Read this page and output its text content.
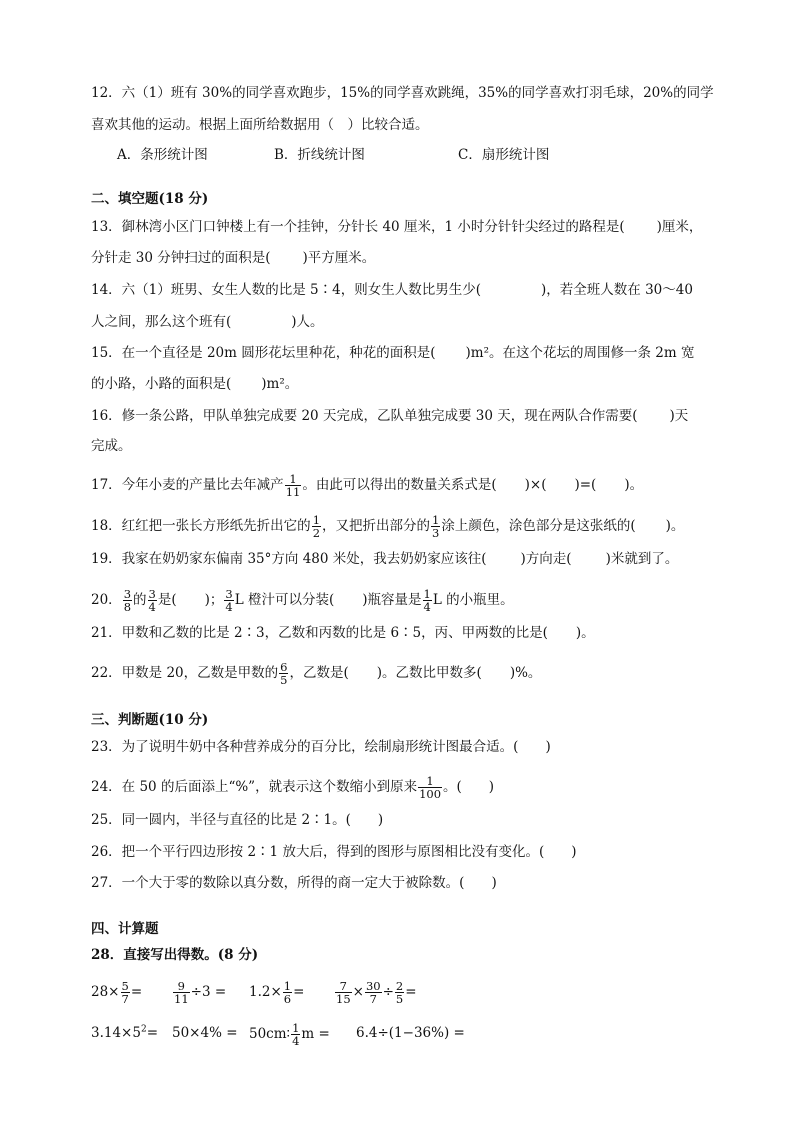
12．六（1）班有 30%的同学喜欢跑步，15%的同学喜欢跳绳，35%的同学喜欢打羽毛球，20%的同学
喜欢其他的运动。根据上面所给数据用（　）比较合适。
A．条形统计图	B．折线统计图	C．扇形统计图
二、填空题(18 分)
13．御林湾小区门口钟楼上有一个挂钟，分针长 40 厘米，1 小时分针针尖经过的路程是( )厘米，
分针走 30 分钟扫过的面积是( )平方厘米。
14．六（1）班男、女生人数的比是 5∶4，则女生人数比男生少(	)，若全班人数在 30～40
人之间，那么这个班有(	)人。
15．在一个直径是 20m 圆形花坛里种花，种花的面积是( )m²。在这个花坛的周围修一条 2m 宽
的小路，小路的面积是( )m²。
16．修一条公路，甲队单独完成要 20 天完成，乙队单独完成要 30 天，现在两队合作需要( )天
完成。
17．今年小麦的产量比去年减产 $\frac{1}{11}$ 。由此可以得出的数量关系式是( )×( )=( )。
18．红红把一张长方形纸先折出它的 $\frac{1}{2}$ ，又把折出部分的 $\frac{1}{3}$ 涂上颜色，涂色部分是这张纸的( )。
19．我家在奶奶家东偏南 35°方向 480 米处，我去奶奶家应该往(	)方向走(	)米就到了。
20． $\frac{3}{8}$ 的 $\frac{3}{4}$ 是( )； $\frac{3}{4}$ L 橙汁可以分装( )瓶容量是 $\frac{1}{4}$ L 的小瓶里。
21．甲数和乙数的比是 2∶3，乙数和丙数的比是 6∶5，丙、甲两数的比是( )。
22．甲数是 20，乙数是甲数的 $\frac{6}{5}$ ，乙数是( )。乙数比甲数多( )%。
三、判断题(10 分)
23．为了说明牛奶中各种营养成分的百分比，绘制扇形统计图最合适。(　　)
24．在 50 的后面添上“%”，就表示这个数缩小到原来 $\frac{1}{100}$ 。(　　)
25．同一圆内，半径与直径的比是 2∶1。(　　)
26．把一个平行四边形按 2∶1 放大后，得到的图形与原图相比没有变化。(　　)
27．一个大于零的数除以真分数，所得的商一定大于被除数。(　　)
四、计算题
28．直接写出得数。(8 分)
$28\times \frac{5}{7}$ =	$\frac{9}{11} \div 3 = 1.2\times \frac{1}{6}$ =	$\frac{7}{15} \times \frac{30}{7} \div \frac{2}{5}$ =
$3.14\times 5^2= 50\times 4\%$ = 50cm∶ $\frac{1}{4}$ m = 6.4÷(1−36%) =
